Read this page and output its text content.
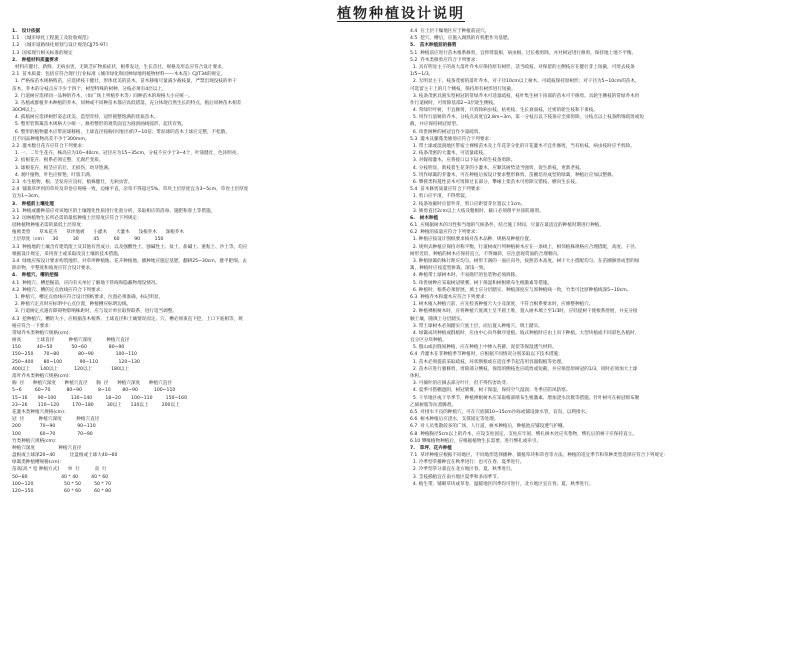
植物种植设计说明
1.   设计依据
1.1  《城市绿化工程施工及验收规范》
1.2  《城市道路绿化规划与设计规范CJJ75-97》
1.3  国家现行相关标准的规定
2.   种植材料质量要求
材料应健壮、新鲜、无病虫害，无缺乏矿物质症状，根系发达，生长茁壮，规格及形态应符合设计要求。
2.1  苗木质量：包括应符合现行行业标准《城市绿化和园林绿地用植物材料——木本苗》CJ/T34的规定。
1. 严格按苗木规格购苗，应选择枝干健壮，形体优美的苗木。苗木移植尽量减少截枝量，严禁出现没枝的单干
苗木，乔木的分枝点应不少于四个，树型特殊的树种，分枝必须有4层以上。
2. 行道树应选择同一品种的乔木，（如广场上列植乔木等）同种苗木的规格大小应统一。
3. 丛植或群植乔木种植的乔木，同种或不同种苗木都应高低错落，充分体现自然生长的特点，植后同种苗木相差
30CM以上。
4. 孤植树应选择树形姿态优美、造型奇特，冠形圆整饱满的优质苗木。
5. 整形装饰篱苗木规格大小统一，修剪整形的观赏面宜为圆滑曲线弧形，起伏有致。
6. 整形的植物灌木应带泥球移植，土球直径按胸径(地径)的7~10倍；带泥球的苗木土球应完整，不松散。
且不同品种植物高差不少于300mm。
2.2  灌木数目花卉应符合下列要求：
1. 一、二年生花卉，株高应为10~40cm，冠径应为15~35cm，分枝不应少于3~4个，叶簇健壮，色泽明亮。
2. 宿根花卉，根系必须完整，无腐烂变质。
3. 球根花卉，根茎应茁壮、无损伤，幼芽饱满。
4. 观叶植物，叶色应鲜艳，叶簇丰满。
2.3  水生植物、根、茎发育应良好，植株健壮，无病虫害。
2.4  铺栽草坪用的草块及草卷应规格一致，边缘平直，杂草不得超过5%。草块土层厚度宜为3~5cm，草卷土层厚度
宜为1~3cm。
3.   种植前土壤处理
3.1  种植或播种前应对该地区的土壤理化性质进行化验分析，采取相应的消毒、施肥和客土等措施。
3.2  园林植物生长所必需的最低种植土层厚度应符合下列规定：
园林植物种植必需的最低土层厚度：
植被类型      草本花卉      草坪地被      小灌木      大灌木      浅根乔木      深根乔木
土层厚度（cm）    30          30          45          60          90          150
3.3  种植地的土壤含有建筑废土及其他有害成分，以及强酸性土、强碱性土、盐土、盐碱土、重粘土、沙土等，均应
根据设计规定，采用客土或采取改良土壤的技术措施。
3.4  绿地应按设计要求构筑地形。对草坪种植地、花卉种植地、播种地应施足基肥，翻耕25~30cm，搂平耙细，去
除杂物，平整度和坡度应符合设计要求。
4.   种植穴、槽的挖掘
4.1  种植穴、槽挖掘前，应向有关单位了解地下管线和隐蔽物埋设情况。
4.2  种植穴、槽的定点放线应符合下列要求：
1. 种植穴、槽定点放线应符合设计图纸要求，位置必须准确，标记明显。
2. 种植穴定点时应标明中心点位置，种植槽应标明边线。
3. 行道树定点遇有障碍物影响株距时，应与设计单位取得联系，进行适当调整。
4.3  挖种植穴、槽的大小，应根据苗木根系、土球直径和土壤情况而定。穴、槽必须垂直下挖，上口下底相等，规
格应符合一下要求：
常绿乔木类种植穴规格(cm)：
树高          土球直径          种植穴深度          种植穴直径
150           40~50             50~60               80~90
150~250       70~80             80~90               100~110
250~400       80~100            90~110              120~130
400以上       140以上           120以上             180以上
落叶乔木类种植穴规格(cm)：
胸  径      种植穴深度      种植穴直径      胸  径      种植穴深度      种植穴直径
5~6         60~70           80~90           8~10        80~90           100~110
15~16       90~100          130~140         18~20       100~110         150~160
23~26       110~120         170~180         30以上      130以上         200以上
花灌木类种植穴规格(cm)：
冠  径          种植穴深度          种植穴直径
200             70~90               90~110
100             60~70               70~90
竹类种植穴规格(cm)：
种植穴深度                种植穴直径
盘根或土球深20~40          比盘根或土球大40~60
绿篱类种植槽规格(cm)：
苗高[高 * 宽 种植方式]      单  行          双  行
50~80                       40 * 40         40 * 60
100~120                     50 * 50         50 * 70
120~150                     60 * 60         60 * 80
4.4  在土层干燥地区应于种植前浸穴。
4.5  挖穴、槽后，应施入腐熟的有机肥作为基肥。
5.   苗木种植前的修剪
5.1  种植前应进行苗木根系修剪，宜将劈裂根、病虫根、过长根剪除，并对树冠进行修剪，保持地上地下平衡。
5.2  乔木类修剪应符合下列要求：
1. 具有明显主干的高大落叶乔木应保持原有树形，适当疏枝，对保留的主侧枝应在健壮芽上短截，可剪去枝条
1/5~1/3。
2. 无明显主干、枝条茂密的落叶乔木，对干径10cm以上树木，可疏枝保持原树形；对干径为5~10cm的苗木，
可选留主干上的几个侧枝，保持原有树形进行短截。
3. 枝条茂密具圆头型树冠的常绿乔木可适量疏枝，枝叶集生树干顶部的苗木可不修剪。具轮生侧枝的常绿乔木用
作行道树时，可剪除基部2~3层轮生侧枝。
4. 常绿针叶树，不宜修剪，只剪除病虫枝、枯死枝、生长衰弱枝、过密的轮生枝和下垂枝。
5. 用作行道树的乔木，分枝点高度宜2.8m~3m，第一分枝点以下枝条应全部剪除，分枝点以上枝条酌情疏剪或短
截，并应保持树冠原型。
6. 珍贵树种的树冠宜作少量疏剪。
5.3  灌木及藤蔓类修剪应符合下列要求：
1. 带土球或湿润地区带宿土裸根苗木及上年花芽分化的开花灌木不宜作修剪，当有枯枝、病虫枝时应予剪除。
2. 枝条茂密的大灌木，可适量疏枝。
3. 对嫁接灌木，应将接口以下砧木萌生枝条剪除。
4. 分枝明显、新枝着生花芽的小灌木，应顺其树势适当强剪，促生新枝，更新老枝。
5. 用作绿篱的乔灌木，可在种植后按设计要求整形修剪。苗圃培育成型的绿篱，种植后应加以整修。
6. 攀援类和蔓性苗木可剪除过长部分。攀缘上架苗木可剪除交错枝、横向生长枝。
5.4  苗木修剪质量应符合下列要求：
1. 剪口应平滑，不得劈裂。
2. 枝条短截时应留外芽，剪口应距留芽位置以上1cm。
3. 修剪直径2cm以上大枝及粗根时，截口必须削平并涂防腐剂。
6.   树木种植
6.1  应根据树木的习性和当地的气候条件，结合施工时间，尽量在最适宜的种植时期进行种植。
6.2  种植的质量应符合下列要求：
1. 种植应按设计图纸要求核对苗木品种、规格及种植位置。
2. 规则式种植应保持对称平衡，行道树或行列种植树木应在一条线上，相邻植株规格应合理搭配，高度、干径、
树形近似，种植的树木应保持直立，不得倾斜，应注意观赏面的合理朝向。
3. 种植绿篱的株行距应均匀。树形丰满的一面应向外，按照苗木高度、树干大小搭配均匀。在苗圃修剪成型的绿
篱，种植时应按造型拼栽，深浅一致。
4. 种植带土球树木时，不易腐烂的包装物必须拆除。
5. 珍贵树种应采取树冠喷雾、树干保湿和树根喷布生根激素等措施。
6. 种植时，根系必须舒展，填土应分层踏实，种植深度应与原种植线一致，竹类可比原种植线深5~10cm。
6.3  种植乔木和灌木应符合下列要求：
1. 树木植入种植穴前，应先检查种植穴大小及深度，不符合根系要求时，应修整种植穴。
2. 种植裸根树木时，应将种植穴底填土呈半圆土堆，置入树木填土至1/3时，应轻提树干使根系舒展，并充分接
触土壤，随填土分层踏实。
3. 带土球树木必须踏实穴底土层，而后置入种植穴，填土踏实。
4. 绿篱成块种植或群植时，应由中心向外顺序退植。坡式种植时应由上向下种植。大型块植或不同彩色丛植时，
宜分区分块种植。
5. 假山或岩缝间种植，应在种植土中掺入苔藓、泥炭等保湿透气材料。
6.4  乔灌木在非种植季节种植时，应根据不同情况分别采取以下技术措施：
1. 苗木必须提前采取疏枝、环状断根或在适宜季节起苗用容器假植等处理。
2. 苗木应进行强修剪，剪除部分侧枝，保留的侧枝也应疏剪或短截，并应保留原树冠的1/3，同时必须加大土球
体积。
3. 可摘叶的应摘去部分叶片，但不得伤害幼芽。
4. 夏季可搭棚遮阴、树冠喷雾、树干保湿，保持空气湿润；冬季应防风防寒。
5. 干旱地区或干旱季节，种植裸根树木应采取根部喷布生根激素、增加浇水次数等措施。针叶树可在树冠喷布聚
乙烯树脂等抗蒸腾剂。
6.5  对排水不良的种植穴，可在穴底铺10~15cm沙砾或铺设渗水管、盲沟，以利排水。
6.6  树木种植后应浇水，支撑固定等处理。
6.7  对人员集散较多的广场、人行道，树木种植后，种植池应铺设透气护栅。
6.8  种植胸径5cm以上的乔木，应设支柱固定。支柱应牢固，绑扎树木处应夹垫物，绑扎后的树干应保持直立。
6.10 攀缘植物种植后，应根据植物生长需要，进行绑扎或牵引。
7.   草坪、花卉种植
7.1  草坪种植应根据不同地区、不同地形选择播种、铺植草块和草卷等方法。种植的适宜季节和草种类型选择应符合下列规定：
1. 冷季型草播种宜在秋季进行；也可在春、夏季进行。
2. 冷季型草分栽宜在北方地区春、夏、秋季进行。
3. 茎枝插植宜在南方地区夏季和多雨季节。
4. 植生带、铺砌草块或草卷，温暖地区四季均可进行，北方地区宜在春、夏、秋季进行。
